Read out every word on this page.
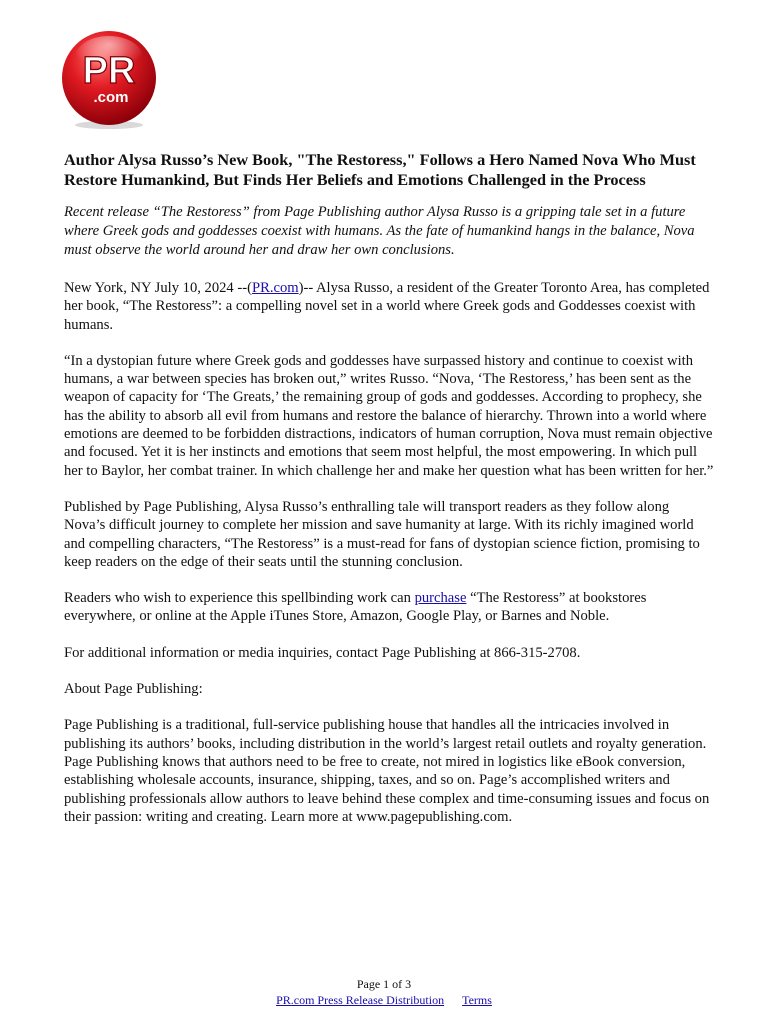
PR
.com
Author Alysa Russo’s New Book, "The Restoress," Follows a Hero Named Nova Who Must Restore Humankind, But Finds Her Beliefs and Emotions Challenged in the Process

Recent release “The Restoress” from Page Publishing author Alysa Russo is a gripping tale set in a future where Greek gods and goddesses coexist with humans. As the fate of humankind hangs in the balance, Nova must observe the world around her and draw her own conclusions.

New York, NY July 10, 2024 --(PR.com)-- Alysa Russo, a resident of the Greater Toronto Area, has completed her book, “The Restoress”: a compelling novel set in a world where Greek gods and Goddesses coexist with humans.

“In a dystopian future where Greek gods and goddesses have surpassed history and continue to coexist with humans, a war between species has broken out,” writes Russo. “Nova, ‘The Restoress,’ has been sent as the weapon of capacity for ‘The Greats,’ the remaining group of gods and goddesses. According to prophecy, she has the ability to absorb all evil from humans and restore the balance of hierarchy. Thrown into a world where emotions are deemed to be forbidden distractions, indicators of human corruption, Nova must remain objective and focused. Yet it is her instincts and emotions that seem most helpful, the most empowering. In which pull her to Baylor, her combat trainer. In which challenge her and make her question what has been written for her.”

Published by Page Publishing, Alysa Russo’s enthralling tale will transport readers as they follow along Nova’s difficult journey to complete her mission and save humanity at large. With its richly imagined world and compelling characters, “The Restoress” is a must-read for fans of dystopian science fiction, promising to keep readers on the edge of their seats until the stunning conclusion.

Readers who wish to experience this spellbinding work can purchase “The Restoress” at bookstores everywhere, or online at the Apple iTunes Store, Amazon, Google Play, or Barnes and Noble.

For additional information or media inquiries, contact Page Publishing at 866-315-2708.

About Page Publishing:

Page Publishing is a traditional, full-service publishing house that handles all the intricacies involved in publishing its authors’ books, including distribution in the world’s largest retail outlets and royalty generation. Page Publishing knows that authors need to be free to create, not mired in logistics like eBook conversion, establishing wholesale accounts, insurance, shipping, taxes, and so on. Page’s accomplished writers and publishing professionals allow authors to leave behind these complex and time-consuming issues and focus on their passion: writing and creating. Learn more at www.pagepublishing.com.

Page 1 of 3
PR.com Press Release Distribution Terms
